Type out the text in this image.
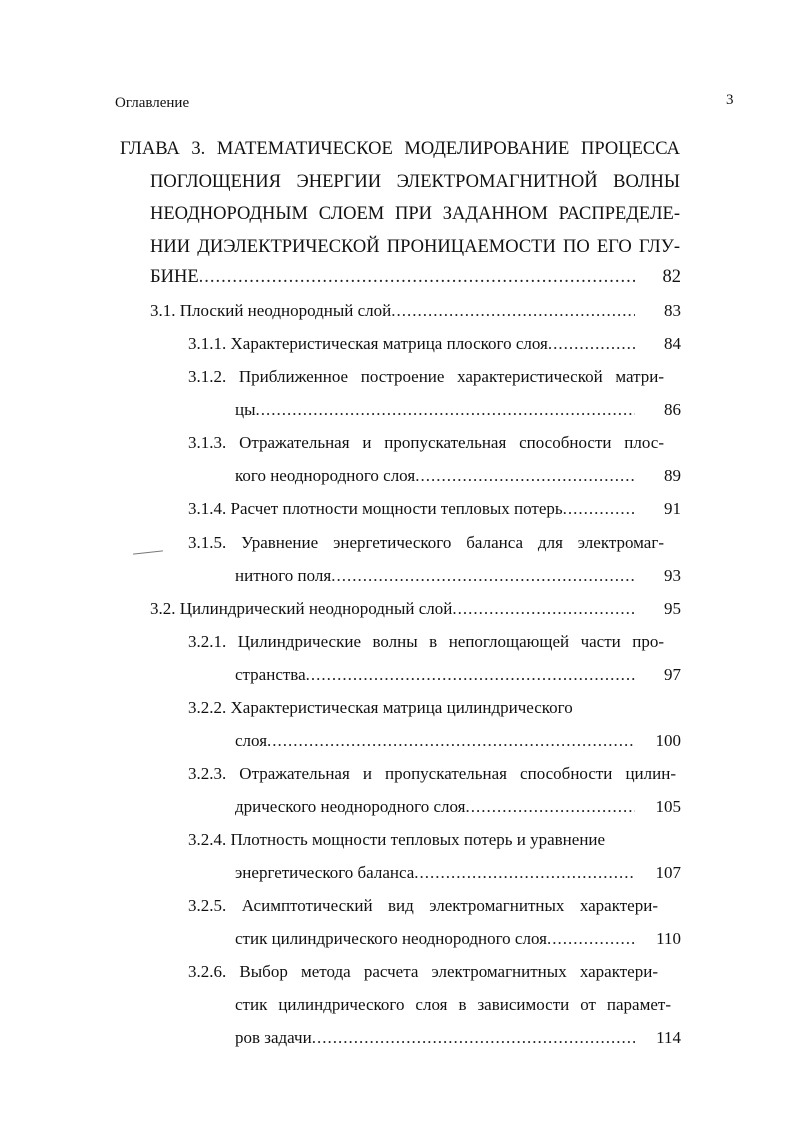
Оглавление	3
ГЛАВА 3. МАТЕМАТИЧЕСКОЕ МОДЕЛИРОВАНИЕ ПРОЦЕССА
ПОГЛОЩЕНИЯ ЭНЕРГИИ ЭЛЕКТРОМАГНИТНОЙ ВОЛНЫ
НЕОДНОРОДНЫМ СЛОЕМ ПРИ ЗАДАННОМ РАСПРЕДЕЛЕ-
НИИ ДИЭЛЕКТРИЧЕСКОЙ ПРОНИЦАЕМОСТИ ПО ЕГО ГЛУ-
БИНЕ .....	82
3.1. Плоский неоднородный слой .....	83
3.1.1. Характеристическая матрица плоского слоя .....	84
3.1.2. Приближенное построение характеристической матри-
цы .....	86
3.1.3. Отражательная и пропускательная способности плос-
кого неоднородного слоя .....	89
3.1.4. Расчет плотности мощности тепловых потерь .....	91
3.1.5. Уравнение энергетического баланса для электромаг-
нитного поля .....	93
3.2. Цилиндрический неоднородный слой .....	95
3.2.1. Цилиндрические волны в непоглощающей части про-
странства .....	97
3.2.2. Характеристическая матрица цилиндрического
слоя .....	100
3.2.3. Отражательная и пропускательная способности цилин-
дрического неоднородного слоя .....	105
3.2.4. Плотность мощности тепловых потерь и уравнение
энергетического баланса .....	107
3.2.5. Асимптотический вид электромагнитных характери-
стик цилиндрического неоднородного слоя .....	110
3.2.6. Выбор метода расчета электромагнитных характери-
стик цилиндрического слоя в зависимости от парамет-
ров задачи .....	114
